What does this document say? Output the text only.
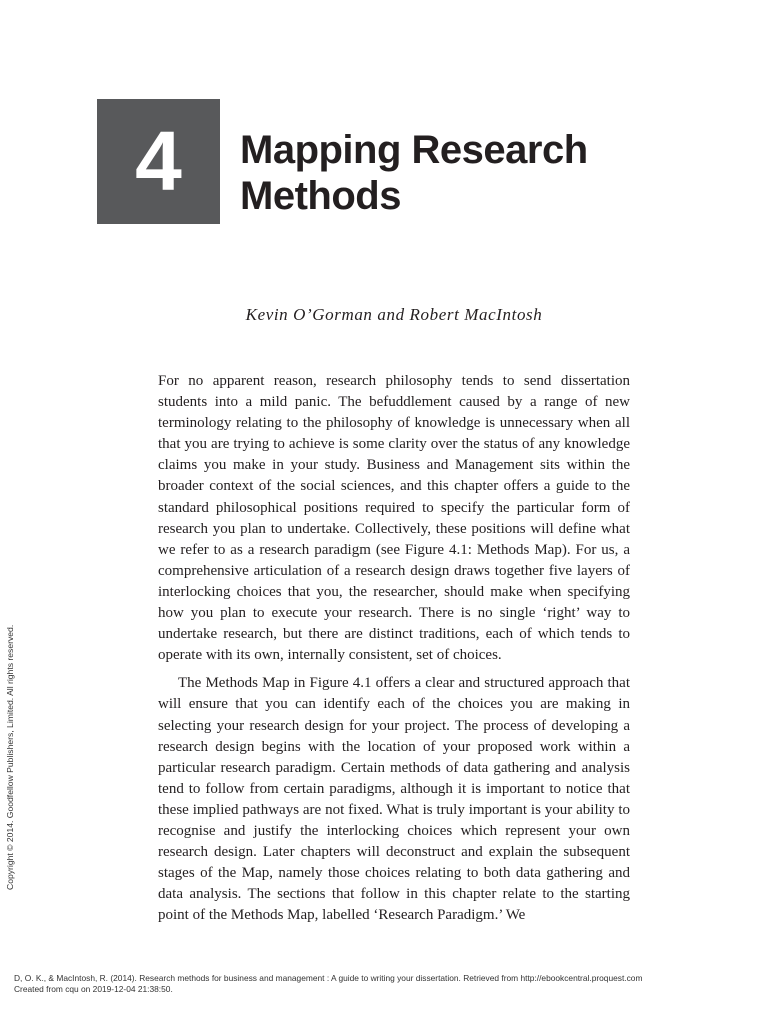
4	Mapping Research
Methods
Kevin O’Gorman and Robert MacIntosh

For no apparent reason, research philosophy tends to send dissertation students into a mild panic. The befuddlement caused by a range of new terminology relating to the philosophy of knowledge is unnecessary when all that you are trying to achieve is some clarity over the status of any knowledge claims you make in your study. Business and Management sits within the broader context of the social sciences, and this chapter offers a guide to the standard philosophical positions required to specify the particular form of research you plan to undertake. Collectively, these positions will define what we refer to as a research paradigm (see Figure 4.1: Methods Map). For us, a comprehensive articulation of a research design draws together five layers of interlocking choices that you, the researcher, should make when specifying how you plan to execute your research. There is no single ‘right’ way to undertake research, but there are distinct traditions, each of which tends to operate with its own, internally consistent, set of choices.

The Methods Map in Figure 4.1 offers a clear and structured approach that will ensure that you can identify each of the choices you are making in selecting your research design for your project. The process of developing a research design begins with the location of your proposed work within a particular research paradigm. Certain methods of data gathering and analysis tend to follow from certain paradigms, although it is important to notice that these implied pathways are not fixed. What is truly important is your ability to recognise and justify the interlocking choices which represent your own research design. Later chapters will deconstruct and explain the subsequent stages of the Map, namely those choices relating to both data gathering and data analysis. The sections that follow in this chapter relate to the starting point of the Methods Map, labelled ‘Research Paradigm.’ We

Copyright © 2014. Goodfellow Publishers, Limited. All rights reserved.
D, O. K., & MacIntosh, R. (2014). Research methods for business and management : A guide to writing your dissertation. Retrieved from http://ebookcentral.proquest.com
Created from cqu on 2019-12-04 21:38:50.
